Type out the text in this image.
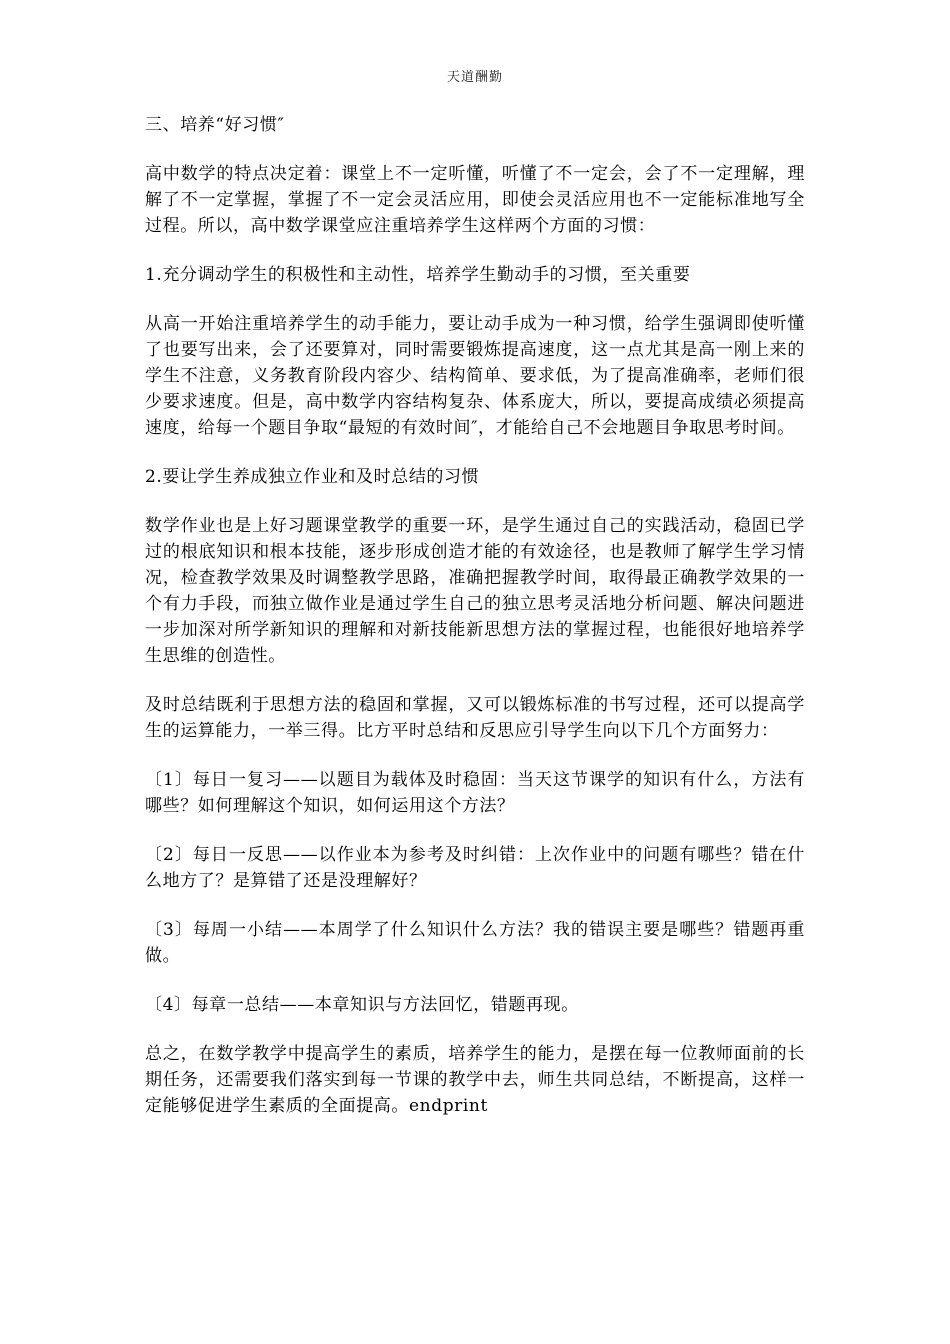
天道酬勤

三、培养“好习惯″

高中数学的特点决定着：课堂上不一定听懂，听懂了不一定会，会了不一定理解，理解了不一定掌握，掌握了不一定会灵活应用，即使会灵活应用也不一定能标准地写全过程。所以，高中数学课堂应注重培养学生这样两个方面的习惯：

1.充分调动学生的积极性和主动性，培养学生勤动手的习惯，至关重要

从高一开始注重培养学生的动手能力，要让动手成为一种习惯，给学生强调即使听懂了也要写出来，会了还要算对，同时需要锻炼提高速度，这一点尤其是高一刚上来的学生不注意，义务教育阶段内容少、结构简单、要求低，为了提高准确率，老师们很少要求速度。但是，高中数学内容结构复杂、体系庞大，所以，要提高成绩必须提高速度，给每一个题目争取“最短的有效时间″，才能给自己不会地题目争取思考时间。

2.要让学生养成独立作业和及时总结的习惯

数学作业也是上好习题课堂教学的重要一环，是学生通过自己的实践活动，稳固已学过的根底知识和根本技能，逐步形成创造才能的有效途径，也是教师了解学生学习情况，检查教学效果及时调整教学思路，准确把握教学时间，取得最正确教学效果的一个有力手段，而独立做作业是通过学生自己的独立思考灵活地分析问题、解决问题进一步加深对所学新知识的理解和对新技能新思想方法的掌握过程，也能很好地培养学生思维的创造性。

及时总结既利于思想方法的稳固和掌握，又可以锻炼标准的书写过程，还可以提高学生的运算能力，一举三得。比方平时总结和反思应引导学生向以下几个方面努力：

〔1〕每日一复习——以题目为载体及时稳固：当天这节课学的知识有什么，方法有哪些？如何理解这个知识，如何运用这个方法？

〔2〕每日一反思——以作业本为参考及时纠错：上次作业中的问题有哪些？错在什么地方了？是算错了还是没理解好？

〔3〕每周一小结——本周学了什么知识什么方法？我的错误主要是哪些？错题再重做。

〔4〕每章一总结——本章知识与方法回忆，错题再现。

总之，在数学教学中提高学生的素质，培养学生的能力，是摆在每一位教师面前的长期任务，还需要我们落实到每一节课的教学中去，师生共同总结，不断提高，这样一定能够促进学生素质的全面提高。endprint
